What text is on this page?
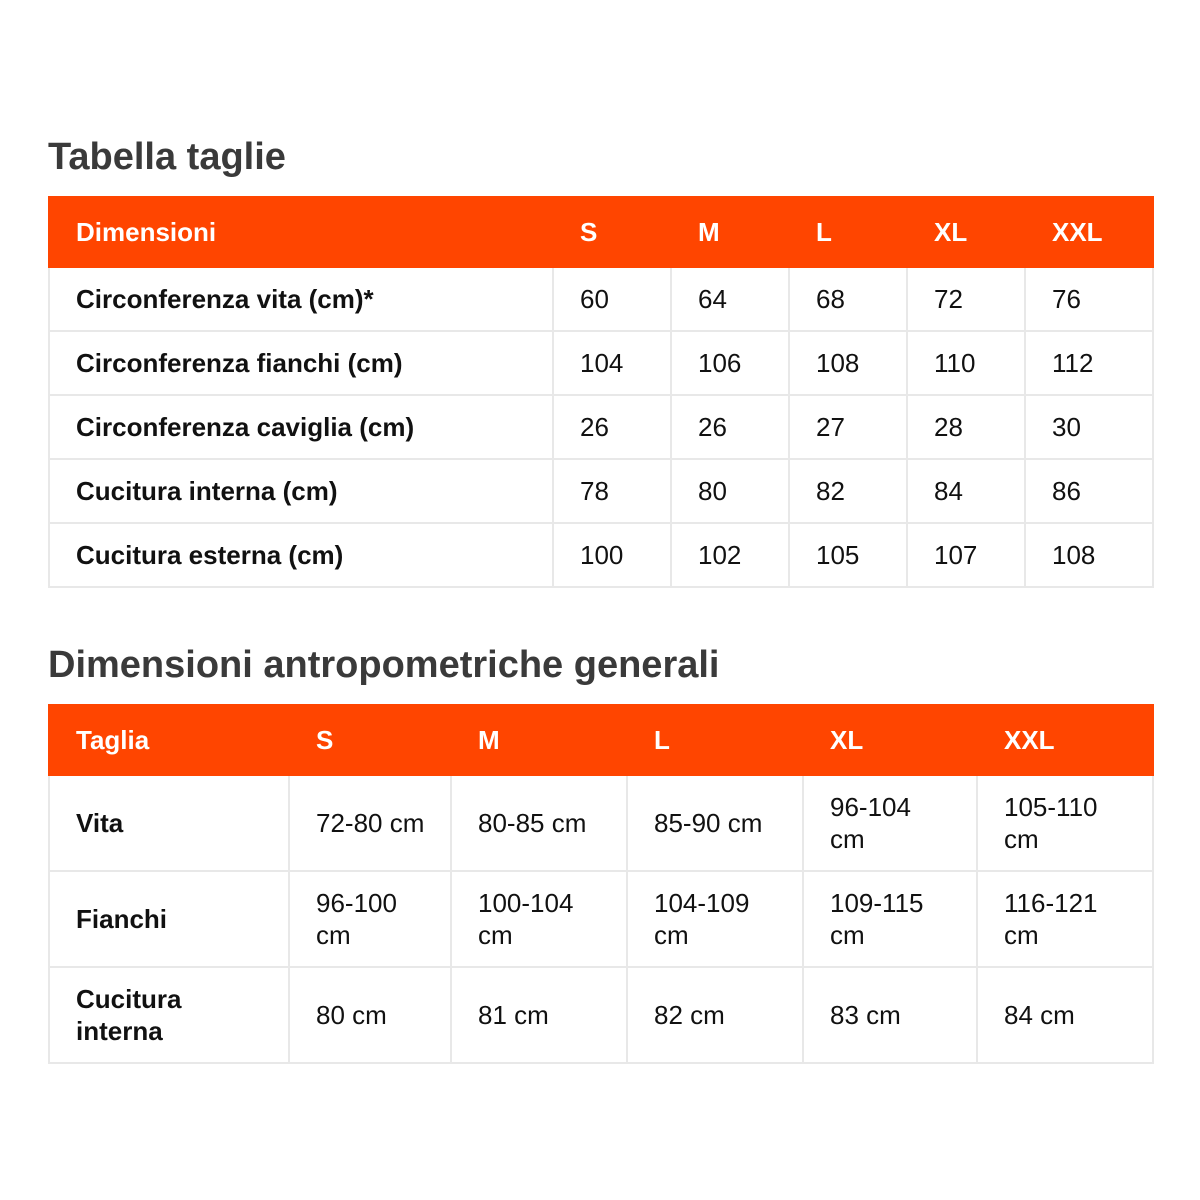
Tabella taglie
Dimensioni	S	M	L	XL	XXL
Circonferenza vita (cm)*	60	64	68	72	76
Circonferenza fianchi (cm)	104	106	108	110	112
Circonferenza caviglia (cm)	26	26	27	28	30
Cucitura interna (cm)	78	80	82	84	86
Cucitura esterna (cm)	100	102	105	107	108
Dimensioni antropometriche generali
Taglia	S	M	L	XL	XXL
Vita	72-80 cm	80-85 cm	85-90 cm	96-104 cm	105-110 cm
Fianchi	96-100 cm	100-104 cm	104-109 cm	109-115 cm	116-121 cm
Cucitura interna	80 cm	81 cm	82 cm	83 cm	84 cm
